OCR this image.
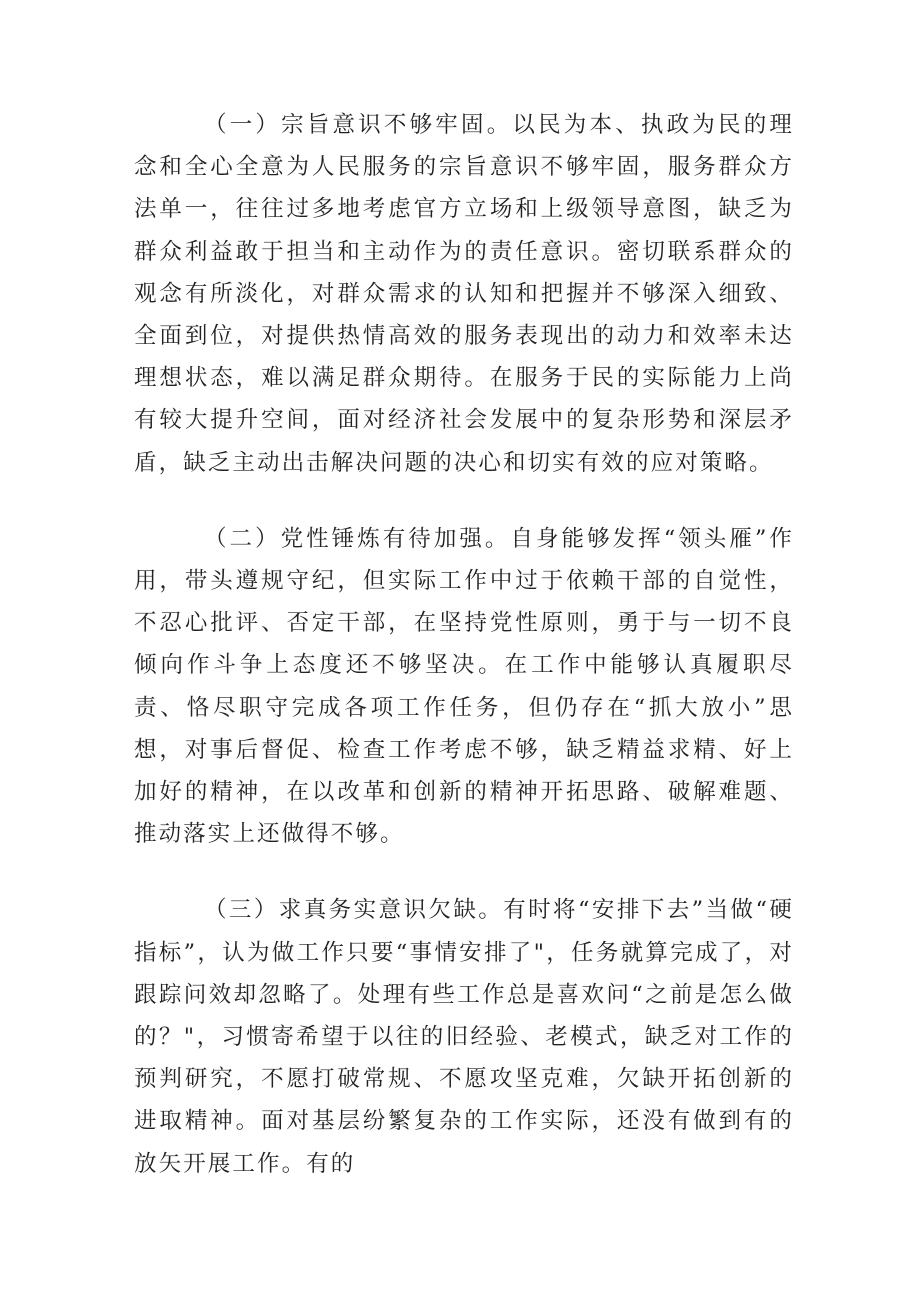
（一）宗旨意识不够牢固。以民为本、执政为民的理念和全心全意为人民服务的宗旨意识不够牢固，服务群众方法单一，往往过多地考虑官方立场和上级领导意图，缺乏为群众利益敢于担当和主动作为的责任意识。密切联系群众的观念有所淡化，对群众需求的认知和把握并不够深入细致、全面到位，对提供热情高效的服务表现出的动力和效率未达理想状态，难以满足群众期待。在服务于民的实际能力上尚有较大提升空间，面对经济社会发展中的复杂形势和深层矛盾，缺乏主动出击解决问题的决心和切实有效的应对策略。

（二）党性锤炼有待加强。自身能够发挥“领头雁”作用，带头遵规守纪，但实际工作中过于依赖干部的自觉性，不忍心批评、否定干部，在坚持党性原则，勇于与一切不良倾向作斗争上态度还不够坚决。在工作中能够认真履职尽责、恪尽职守完成各项工作任务，但仍存在“抓大放小”思想，对事后督促、检查工作考虑不够，缺乏精益求精、好上加好的精神，在以改革和创新的精神开拓思路、破解难题、推动落实上还做得不够。

（三）求真务实意识欠缺。有时将“安排下去”当做“硬指标”，认为做工作只要“事情安排了"，任务就算完成了，对跟踪问效却忽略了。处理有些工作总是喜欢问“之前是怎么做的？"，习惯寄希望于以往的旧经验、老模式，缺乏对工作的预判研究，不愿打破常规、不愿攻坚克难，欠缺开拓创新的进取精神。面对基层纷繁复杂的工作实际，还没有做到有的放矢开展工作。有的
